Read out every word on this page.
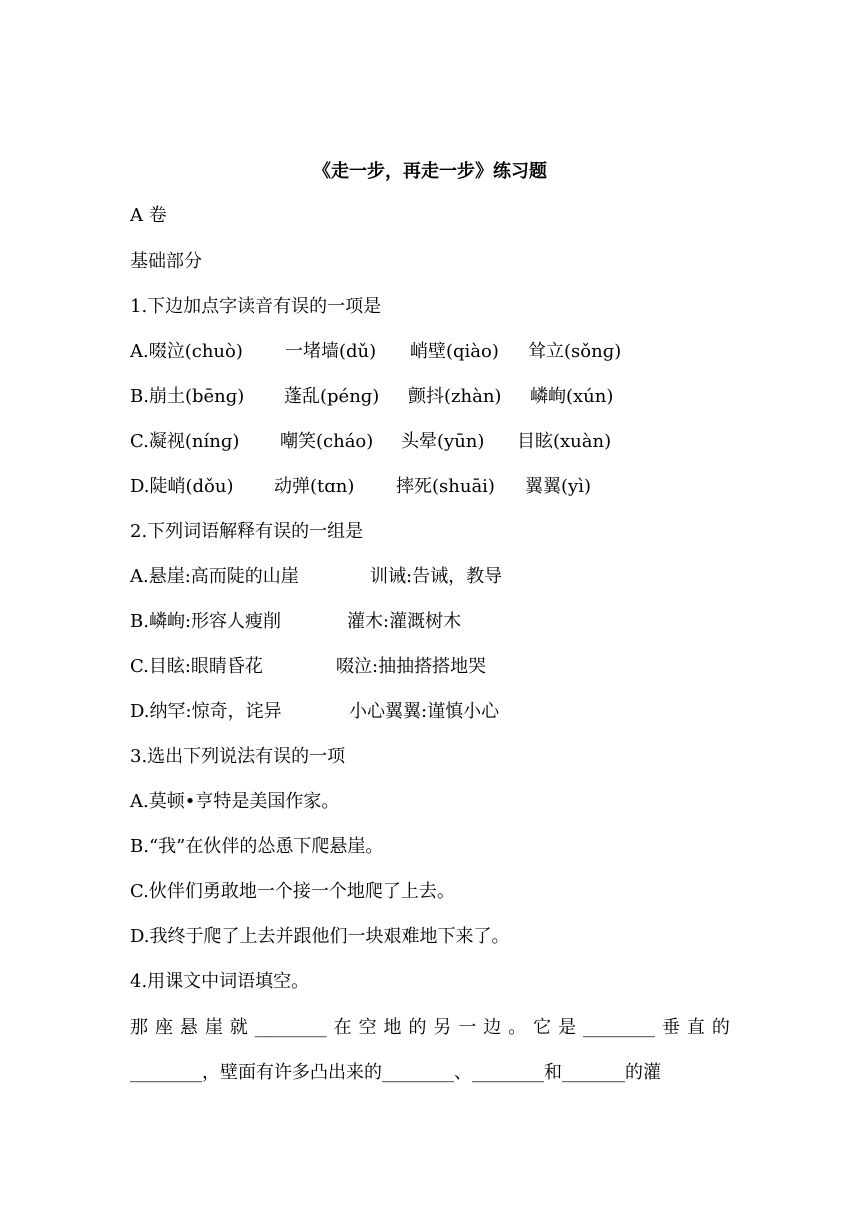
《走一步，再走一步》练习题
A 卷
基础部分
1.下边加点字读音有误的一项是
A.啜泣(chuò) 一堵墙(dǔ) 峭壁(qiào) 耸立(sǒnɡ)
B.崩土(bēnɡ) 蓬乱(pénɡ) 颤抖(zhàn) 嶙峋(xún)
C.凝视(nínɡ) 嘲笑(cháo) 头晕(yūn) 目眩(xuàn)
D.陡峭(dǒu) 动弹(tɑn) 摔死(shuāi) 翼翼(yì)
2.下列词语解释有误的一组是
A.悬崖:高而陡的山崖	训诫:告诫，教导
B.嶙峋:形容人瘦削	灌木:灌溉树木
C.目眩:眼睛昏花	啜泣:抽抽搭搭地哭
D.纳罕:惊奇，诧异	小心翼翼:谨慎小心
3.选出下列说法有误的一项
A.莫顿•亨特是美国作家。
B.“我”在伙伴的怂恿下爬悬崖。
C.伙伴们勇敢地一个接一个地爬了上去。
D.我终于爬了上去并跟他们一块艰难地下来了。
4.用课文中词语填空。
那 座 悬 崖 就 ________ 在 空 地 的 另 一 边 。 它 是 ________ 垂 直 的
________，壁面有许多凸出来的________、________和_______的灌
